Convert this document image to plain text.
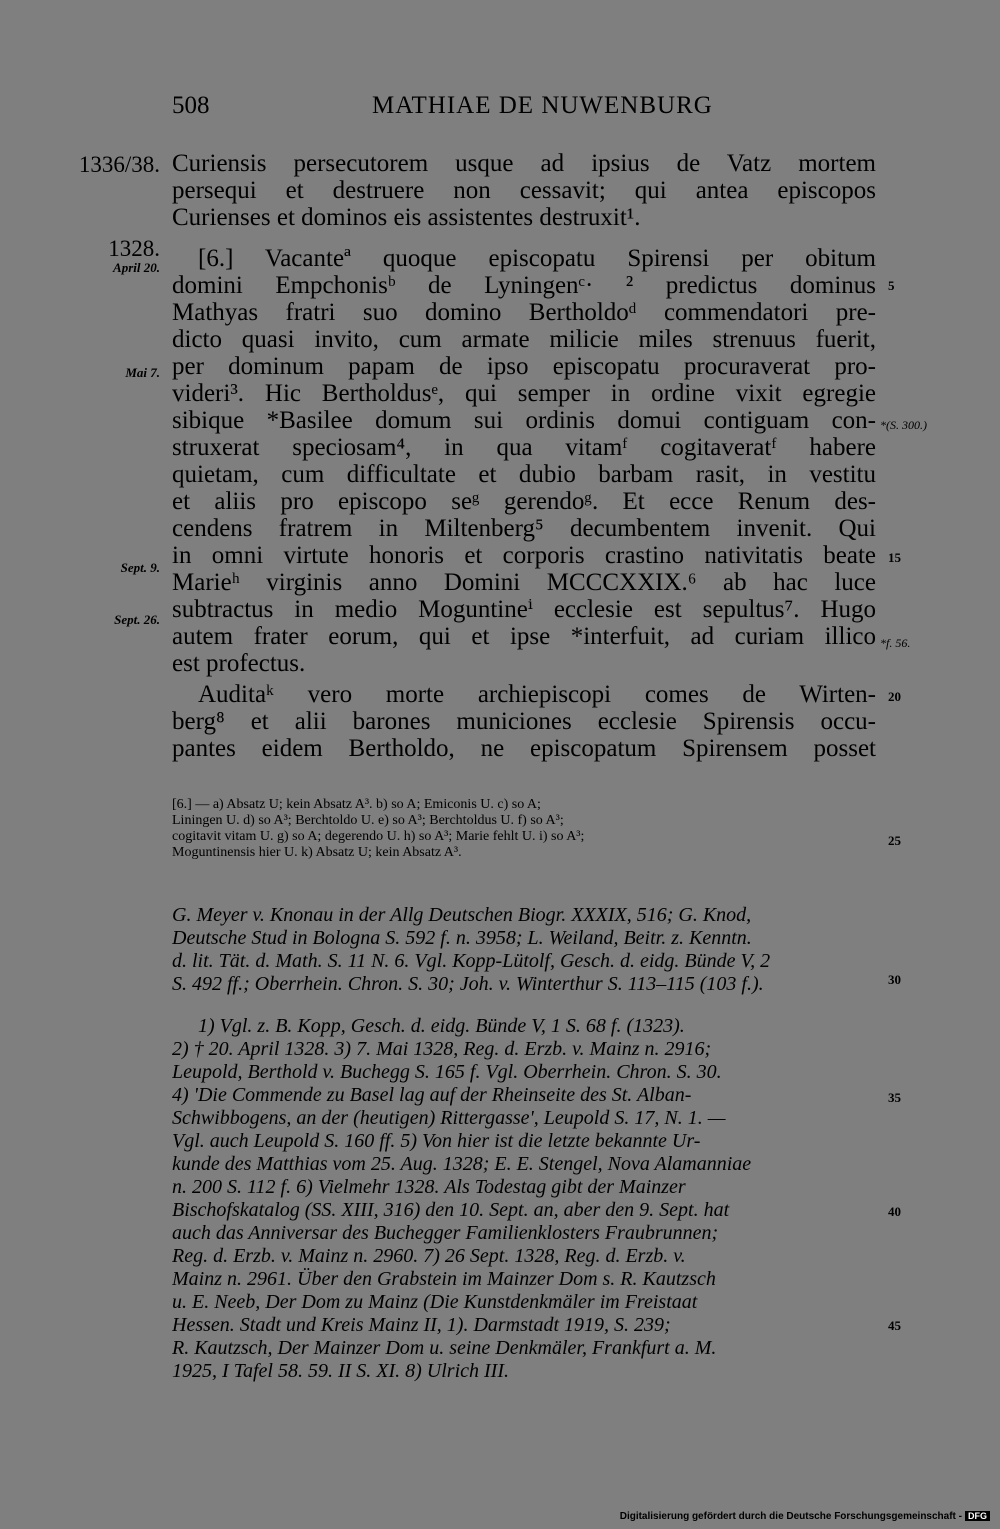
508	MATHIAE DE NUWENBURG
1336/38.
1328.
April 20.
Mai 7.
Sept. 9.
Sept. 26.
Curiensis persecutorem usque ad ipsius de Vatz mortem
persequi et destruere non cessavit; qui antea episcopos
Curienses et dominos eis assistentes destruxit¹.
[6.] Vacanteª quoque episcopatu Spirensi per obitum
domini Empchonisᵇ de Lyningenᶜ· ² predictus dominus
Mathyas fratri suo domino Bertholdoᵈ commendatori pre-
dicto quasi invito, cum armate milicie miles strenuus fuerit,
per dominum papam de ipso episcopatu procuraverat pro-
videri³. Hic Bertholdusᵉ, qui semper in ordine vixit egregie
sibique *Basilee domum sui ordinis domui contiguam con-
struxerat speciosam⁴, in qua vitamᶠ cogitaveratᶠ habere
quietam, cum difficultate et dubio barbam rasit, in vestitu
et aliis pro episcopo seᵍ gerendoᵍ. Et ecce Renum des-
cendens fratrem in Miltenberg⁵ decumbentem invenit. Qui
in omni virtute honoris et corporis crastino nativitatis beate
Marieʰ virginis anno Domini MCCCXXIX.⁶ ab hac luce
subtractus in medio Moguntineⁱ ecclesie est sepultus⁷. Hugo
autem frater eorum, qui et ipse *interfuit, ad curiam illico
est profectus.
Auditaᵏ vero morte archiepiscopi comes de Wirten-
berg⁸ et alii barones municiones ecclesie Spirensis occu-
pantes eidem Bertholdo, ne episcopatum Spirensem posset
5
15
20
25
30
35
40
45
*(S. 300.)
*f. 56.
[6.] — a) Absatz U; kein Absatz A³. b) so A; Emiconis U. c) so A;
Liningen U. d) so A³; Berchtoldo U. e) so A³; Berchtoldus U. f) so A³;
cogitavit vitam U. g) so A; degerendo U. h) so A³; Marie fehlt U. i) so A³;
Moguntinensis hier U. k) Absatz U; kein Absatz A³.
G. Meyer v. Knonau in der Allg Deutschen Biogr. XXXIX, 516; G. Knod,
Deutsche Stud in Bologna S. 592 f. n. 3958; L. Weiland, Beitr. z. Kenntn.
d. lit. Tät. d. Math. S. 11 N. 6. Vgl. Kopp-Lütolf, Gesch. d. eidg. Bünde V, 2
S. 492 ff.; Oberrhein. Chron. S. 30; Joh. v. Winterthur S. 113–115 (103 f.).
1) Vgl. z. B. Kopp, Gesch. d. eidg. Bünde V, 1 S. 68 f. (1323).
2) † 20. April 1328. 3) 7. Mai 1328, Reg. d. Erzb. v. Mainz n. 2916;
Leupold, Berthold v. Buchegg S. 165 f. Vgl. Oberrhein. Chron. S. 30.
4) 'Die Commende zu Basel lag auf der Rheinseite des St. Alban-
Schwibbogens, an der (heutigen) Rittergasse', Leupold S. 17, N. 1. —
Vgl. auch Leupold S. 160 ff. 5) Von hier ist die letzte bekannte Ur-
kunde des Matthias vom 25. Aug. 1328; E. E. Stengel, Nova Alamanniae
n. 200 S. 112 f. 6) Vielmehr 1328. Als Todestag gibt der Mainzer
Bischofskatalog (SS. XIII, 316) den 10. Sept. an, aber den 9. Sept. hat
auch das Anniversar des Buchegger Familienklosters Fraubrunnen;
Reg. d. Erzb. v. Mainz n. 2960. 7) 26 Sept. 1328, Reg. d. Erzb. v.
Mainz n. 2961. Über den Grabstein im Mainzer Dom s. R. Kautzsch
u. E. Neeb, Der Dom zu Mainz (Die Kunstdenkmäler im Freistaat
Hessen. Stadt und Kreis Mainz II, 1). Darmstadt 1919, S. 239;
R. Kautzsch, Der Mainzer Dom u. seine Denkmäler, Frankfurt a. M.
1925, I Tafel 58. 59. II S. XI. 8) Ulrich III.
Digitalisierung gefördert durch die Deutsche Forschungsgemeinschaft - DFG
